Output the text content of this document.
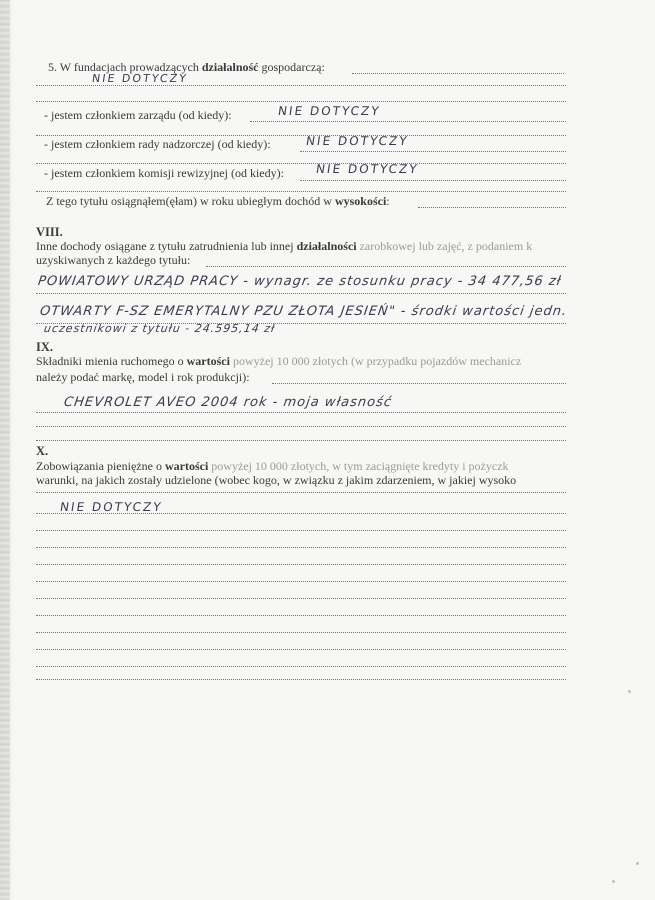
5. W fundacjach prowadzących działalność gospodarczą:
NIE DOTYCZY
- jestem członkiem zarządu (od kiedy):	NIE DOTYCZY
- jestem członkiem rady nadzorczej (od kiedy):	NIE DOTYCZY
- jestem członkiem komisji rewizyjnej (od kiedy):	NIE DOTYCZY
Z tego tytułu osiągnąłem(ęłam) w roku ubiegłym dochód w wysokości:
VIII.
Inne dochody osiągane z tytułu zatrudnienia lub innej działalności zarobkowej lub zajęć, z podaniem k
uzyskiwanych z każdego tytułu:
POWIATOWY URZĄD PRACY - wynagr. ze stosunku pracy - 34 477,56 zł
OTWARTY F-SZ EMERYTALNY PZU ZŁOTA JESIEŃ" - środki wartości jedn.
uczestnikowi z tytułu - 24.595,14 zł
IX.
Składniki mienia ruchomego o wartości powyżej 10 000 złotych (w przypadku pojazdów mechanicz
należy podać markę, model i rok produkcji):
CHEVROLET AVEO 2004 rok - moja własność
X.
Zobowiązania pieniężne o wartości powyżej 10 000 złotych, w tym zaciągnięte kredyty i pożyczk
warunki, na jakich zostały udzielone (wobec kogo, w związku z jakim zdarzeniem, w jakiej wysoko
NIE DOTYCZY
